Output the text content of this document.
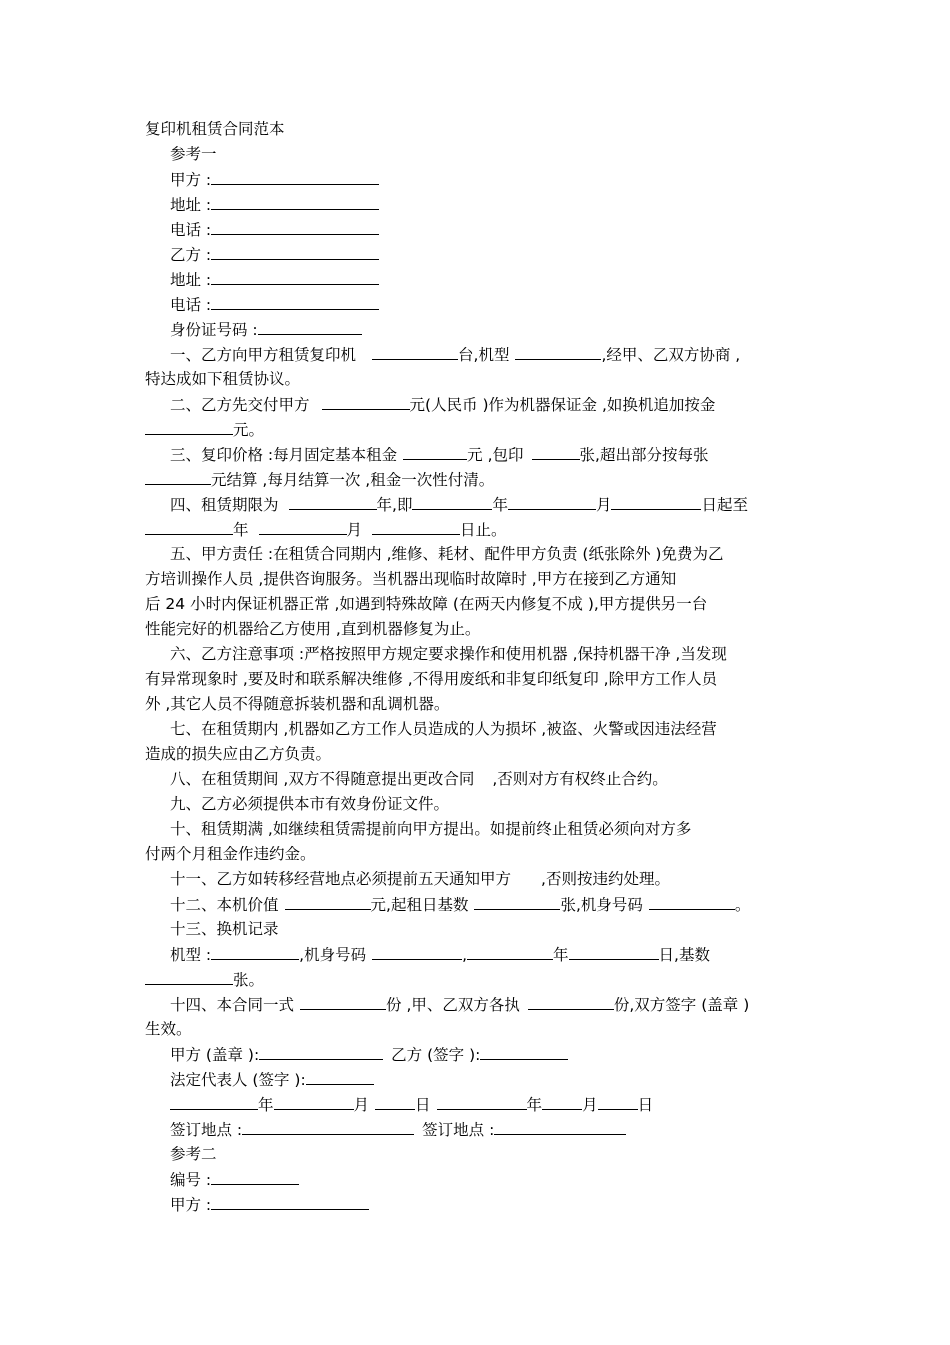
复印机租赁合同范本
参考一
甲方 :
地址 :
电话 :
乙方 :
地址 :
电话 :
身份证号码 :
一、乙方向甲方租赁复印机	台,机型	,经甲、乙双方协商 ,
特达成如下租赁协议。
二、乙方先交付甲方	元(人民币 )作为机器保证金 ,如换机追加按金
元。
三、复印价格 :每月固定基本租金	元 ,包印	张,超出部分按每张
元结算 ,每月结算一次 ,租金一次性付清。
四、租赁期限为	年,即	年	月	日起至
年	月	日止。
五、甲方责任 :在租赁合同期内 ,维修、耗材、配件甲方负责 (纸张除外 )免费为乙
方培训操作人员 ,提供咨询服务。当机器出现临时故障时 ,甲方在接到乙方通知
后 24 小时内保证机器正常 ,如遇到特殊故障 (在两天内修复不成 ),甲方提供另一台
性能完好的机器给乙方使用 ,直到机器修复为止。
六、乙方注意事项 :严格按照甲方规定要求操作和使用机器 ,保持机器干净 ,当发现
有异常现象时 ,要及时和联系解决维修 ,不得用废纸和非复印纸复印 ,除甲方工作人员
外 ,其它人员不得随意拆装机器和乱调机器。
七、在租赁期内 ,机器如乙方工作人员造成的人为损坏 ,被盗、火警或因违法经营
造成的损失应由乙方负责。
八、在租赁期间 ,双方不得随意提出更改合同 ,否则对方有权终止合约。
九、乙方必须提供本市有效身份证文件。
十、租赁期满 ,如继续租赁需提前向甲方提出。如提前终止租赁必须向对方多
付两个月租金作违约金。
十一、乙方如转移经营地点必须提前五天通知甲方 ,否则按违约处理。
十二、本机价值	元,起租日基数	张,机身号码	。
十三、换机记录
机型 :	,机身号码	,	年	日,基数
张。
十四、本合同一式	份 ,甲、乙双方各执	份,双方签字 (盖章 )
生效。
甲方 (盖章 ):	乙方 (签字 ):
法定代表人 (签字 ):
年	月	日	年	月	日
签订地点 :	签订地点 :
参考二
编号 :
甲方 :
